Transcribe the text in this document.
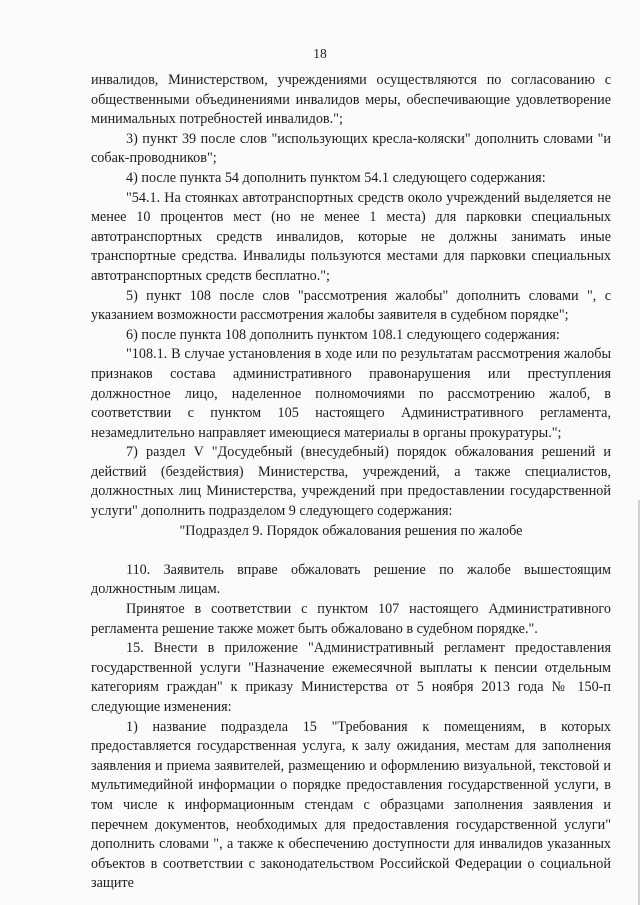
18

инвалидов, Министерством, учреждениями осуществляются по согласованию с общественными объединениями инвалидов меры, обеспечивающие удовлетворение минимальных потребностей инвалидов.";

3) пункт 39 после слов "использующих кресла-коляски" дополнить словами "и собак-проводников";

4) после пункта 54 дополнить пунктом 54.1 следующего содержания:

"54.1. На стоянках автотранспортных средств около учреждений выделяется не менее 10 процентов мест (но не менее 1 места) для парковки специальных автотранспортных средств инвалидов, которые не должны занимать иные транспортные средства. Инвалиды пользуются местами для парковки специальных автотранспортных средств бесплатно.";

5) пункт 108 после слов "рассмотрения жалобы" дополнить словами ", с указанием возможности рассмотрения жалобы заявителя в судебном порядке";

6) после пункта 108 дополнить пунктом 108.1 следующего содержания:

"108.1. В случае установления в ходе или по результатам рассмотрения жалобы признаков состава административного правонарушения или преступления должностное лицо, наделенное полномочиями по рассмотрению жалоб, в соответствии с пунктом 105 настоящего Административного регламента, незамедлительно направляет имеющиеся материалы в органы прокуратуры.";

7) раздел V "Досудебный (внесудебный) порядок обжалования решений и действий (бездействия) Министерства, учреждений, а также специалистов, должностных лиц Министерства, учреждений при предоставлении государственной услуги" дополнить подразделом 9 следующего содержания:

"Подраздел 9. Порядок обжалования решения по жалобе

110. Заявитель вправе обжаловать решение по жалобе вышестоящим должностным лицам.

Принятое в соответствии с пунктом 107 настоящего Административного регламента решение также может быть обжаловано в судебном порядке.".

15. Внести в приложение "Административный регламент предоставления государственной услуги "Назначение ежемесячной выплаты к пенсии отдельным категориям граждан" к приказу Министерства от 5 ноября 2013 года № 150-п следующие изменения:

1) название подраздела 15 "Требования к помещениям, в которых предоставляется государственная услуга, к залу ожидания, местам для заполнения заявления и приема заявителей, размещению и оформлению визуальной, текстовой и мультимедийной информации о порядке предоставления государственной услуги, в том числе к информационным стендам с образцами заполнения заявления и перечнем документов, необходимых для предоставления государственной услуги" дополнить словами ", а также к обеспечению доступности для инвалидов указанных объектов в соответствии с законодательством Российской Федерации о социальной защите
